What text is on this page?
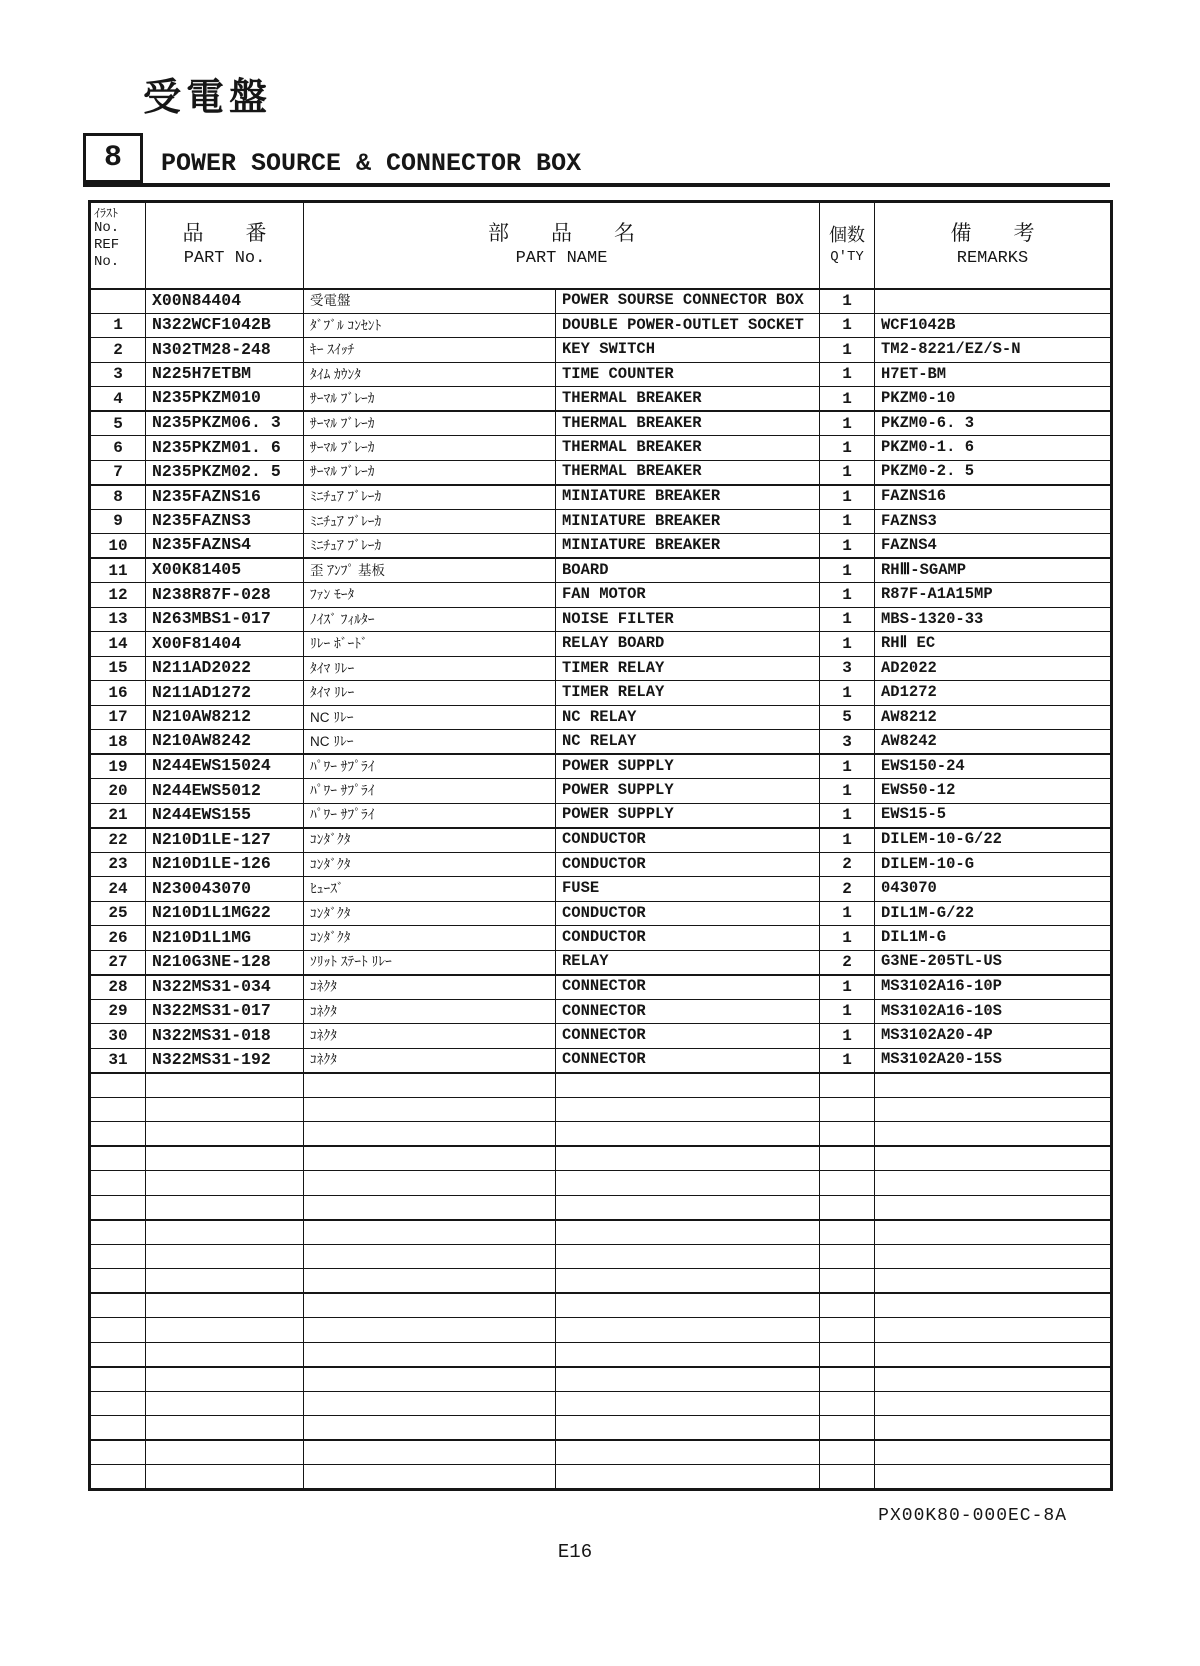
受電盤
8 POWER SOURCE & CONNECTOR BOX
ｲﾗｽﾄ
No.
REF
No.

品　　番
PART No.

部　　品　　名
PART NAME

個数
Q'TY

備　　考
REMARKS

	X00N84404	受電盤	POWER SOURSE CONNECTOR BOX	1	
1	N322WCF1042B	ﾀﾞﾌﾞﾙ ｺﾝｾﾝﾄ	DOUBLE POWER-OUTLET SOCKET	1	WCF1042B
2	N302TM28-248	ｷｰ ｽｲｯﾁ	KEY SWITCH	1	TM2-8221/EZ/S-N
3	N225H7ETBM	ﾀｲﾑ ｶｳﾝﾀ	TIME COUNTER	1	H7ET-BM
4	N235PKZM010	ｻｰﾏﾙ ﾌﾞﾚｰｶ	THERMAL BREAKER	1	PKZM0-10
5	N235PKZM06. 3	ｻｰﾏﾙ ﾌﾞﾚｰｶ	THERMAL BREAKER	1	PKZM0-6. 3
6	N235PKZM01. 6	ｻｰﾏﾙ ﾌﾞﾚｰｶ	THERMAL BREAKER	1	PKZM0-1. 6
7	N235PKZM02. 5	ｻｰﾏﾙ ﾌﾞﾚｰｶ	THERMAL BREAKER	1	PKZM0-2. 5
8	N235FAZNS16	ﾐﾆﾁｭｱ ﾌﾞﾚｰｶ	MINIATURE BREAKER	1	FAZNS16
9	N235FAZNS3	ﾐﾆﾁｭｱ ﾌﾞﾚｰｶ	MINIATURE BREAKER	1	FAZNS3
10	N235FAZNS4	ﾐﾆﾁｭｱ ﾌﾞﾚｰｶ	MINIATURE BREAKER	1	FAZNS4
11	X00K81405	歪 ｱﾝﾌﾟ 基板	BOARD	1	RHⅢ-SGAMP
12	N238R87F-028	ﾌｧﾝ ﾓｰﾀ	FAN MOTOR	1	R87F-A1A15MP
13	N263MBS1-017	ﾉｲｽﾞ ﾌｨﾙﾀｰ	NOISE FILTER	1	MBS-1320-33
14	X00F81404	ﾘﾚｰ ﾎﾞｰﾄﾞ	RELAY BOARD	1	RHⅡ EC
15	N211AD2022	ﾀｲﾏ ﾘﾚｰ	TIMER RELAY	3	AD2022
16	N211AD1272	ﾀｲﾏ ﾘﾚｰ	TIMER RELAY	1	AD1272
17	N210AW8212	NC ﾘﾚｰ	NC RELAY	5	AW8212
18	N210AW8242	NC ﾘﾚｰ	NC RELAY	3	AW8242
19	N244EWS15024	ﾊﾟﾜｰ ｻﾌﾟﾗｲ	POWER SUPPLY	1	EWS150-24
20	N244EWS5012	ﾊﾟﾜｰ ｻﾌﾟﾗｲ	POWER SUPPLY	1	EWS50-12
21	N244EWS155	ﾊﾟﾜｰ ｻﾌﾟﾗｲ	POWER SUPPLY	1	EWS15-5
22	N210D1LE-127	ｺﾝﾀﾞｸﾀ	CONDUCTOR	1	DILEM-10-G/22
23	N210D1LE-126	ｺﾝﾀﾞｸﾀ	CONDUCTOR	2	DILEM-10-G
24	N230043070	ﾋｭｰｽﾞ	FUSE	2	043070
25	N210D1L1MG22	ｺﾝﾀﾞｸﾀ	CONDUCTOR	1	DIL1M-G/22
26	N210D1L1MG	ｺﾝﾀﾞｸﾀ	CONDUCTOR	1	DIL1M-G
27	N210G3NE-128	ｿﾘｯﾄ ｽﾃｰﾄ ﾘﾚｰ	RELAY	2	G3NE-205TL-US
28	N322MS31-034	ｺﾈｸﾀ	CONNECTOR	1	MS3102A16-10P
29	N322MS31-017	ｺﾈｸﾀ	CONNECTOR	1	MS3102A16-10S
30	N322MS31-018	ｺﾈｸﾀ	CONNECTOR	1	MS3102A20-4P
31	N322MS31-192	ｺﾈｸﾀ	CONNECTOR	1	MS3102A20-15S

PX00K80-000EC-8A
E16
